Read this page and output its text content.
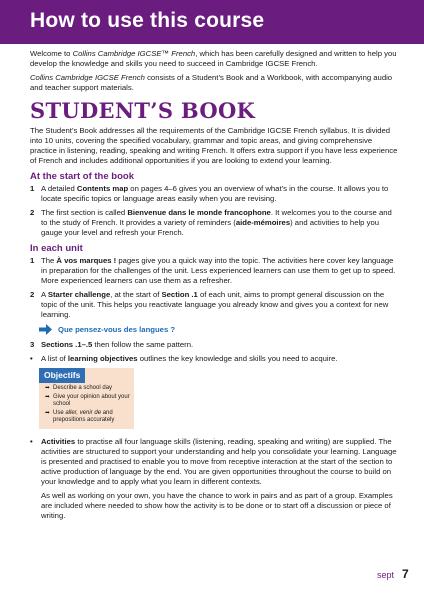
How to use this course

Welcome to Collins Cambridge IGCSE™ French, which has been carefully designed and written to help you develop the knowledge and skills you need to succeed in Cambridge IGCSE French.

Collins Cambridge IGCSE French consists of a Student’s Book and a Workbook, with accompanying audio and teacher support materials.

STUDENT’S BOOK

The Student’s Book addresses all the requirements of the Cambridge IGCSE French syllabus. It is divided into 10 units, covering the specified vocabulary, grammar and topic areas, and giving comprehensive practice in listening, reading, speaking and writing French. It offers extra support if you have less experience of French and includes additional opportunities if you are looking to extend your learning.

At the start of the book
1 A detailed Contents map on pages 4–6 gives you an overview of what’s in the course. It allows you to locate specific topics or language areas easily when you are revising.
2 The first section is called Bienvenue dans le monde francophone. It welcomes you to the course and to the study of French. It provides a variety of reminders (aide-mémoires) and activities to help you gauge your level and refresh your French.
In each unit
1 The À vos marques ! pages give you a quick way into the topic. The activities here cover key language in preparation for the challenges of the unit. Less experienced learners can use them to get up to speed. More experienced learners can use them as a refresher.
2 A Starter challenge, at the start of Section .1 of each unit, aims to prompt general discussion on the topic of the unit. This helps you reactivate language you already know and gives you a context for new learning.
Que pensez-vous des langues ?
3 Sections .1–.5 then follow the same pattern.
•	A list of learning objectives outlines the key knowledge and skills you need to acquire.
Objectifs
➡ Describe a school day
➡ Give your opinion about your school
➡ Use aller, venir de and prepositions accurately
•	Activities to practise all four language skills (listening, reading, speaking and writing) are supplied. The activities are structured to support your understanding and help you consolidate your learning. Language is presented and practised to enable you to move from receptive interaction at the start of the section to active production of language by the end. You are given opportunities throughout the course to build on your knowledge and to apply what you learn in different contexts.

As well as working on your own, you have the chance to work in pairs and as part of a group. Examples are included where needed to show how the activity is to be done or to start off a discussion or piece of writing.

sept 7
